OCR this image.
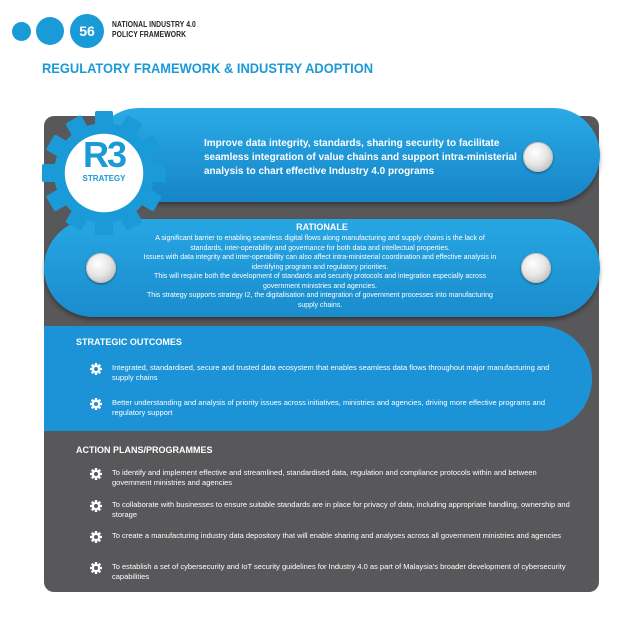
56	NATIONAL INDUSTRY 4.0
POLICY FRAMEWORK
REGULATORY FRAMEWORK & INDUSTRY ADOPTION
Improve data integrity, standards, sharing security to facilitate seamless integration of value chains and support intra-ministerial analysis to chart effective Industry 4.0 programs
RATIONALE
A significant barrier to enabling seamless digital flows along manufacturing and supply chains is the lack of
standards, inter-operability and governance for both data and intellectual properties.
Issues with data integrity and inter-operability can also affect intra-ministerial coordination and effective analysis in
identifying program and regulatory priorities.
This will require both the development of standards and security protocols and integration especially across
government ministries and agencies.
This strategy supports strategy I2, the digitalisation and integration of government processes into manufacturing
supply chains.
R3
STRATEGY
STRATEGIC OUTCOMES
Integrated, standardised, secure and trusted data ecosystem that enables seamless data flows throughout major manufacturing and supply chains
Better understanding and analysis of priority issues across initiatives, ministries and agencies, driving more effective programs and regulatory support
ACTION PLANS/PROGRAMMES
To identify and implement effective and streamlined, standardised data, regulation and compliance protocols within and between government ministries and agencies
To collaborate with businesses to ensure suitable standards are in place for privacy of data, including appropriate handling, ownership and storage
To create a manufacturing industry data depository that will enable sharing and analyses across all government ministries and agencies
To establish a set of cybersecurity and IoT security guidelines for Industry 4.0 as part of Malaysia's broader development of cybersecurity capabilities
